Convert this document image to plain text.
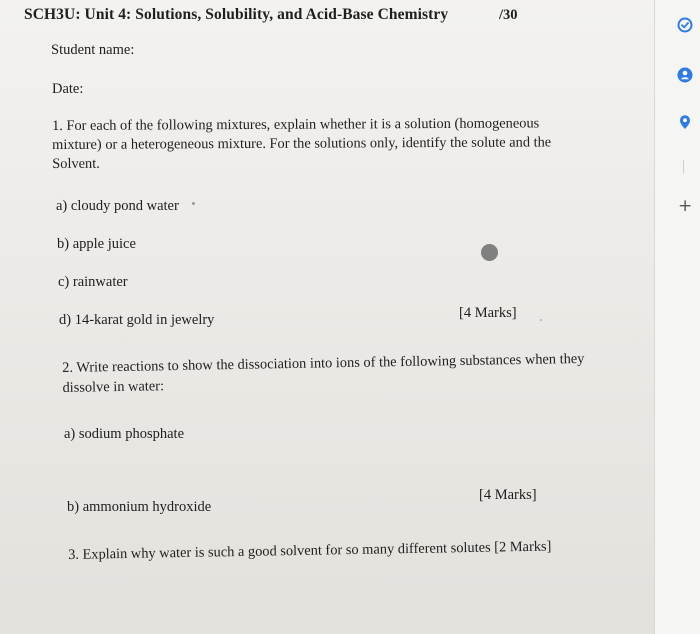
SCH3U: Unit 4: Solutions, Solubility, and Acid-Base Chemistry	/30
Student name:
Date:
1. For each of the following mixtures, explain whether it is a solution (homogeneous mixture) or a heterogeneous mixture. For the solutions only, identify the solute and the Solvent.
a) cloudy pond water
b) apple juice
c) rainwater
d) 14-karat gold in jewelry	[4 Marks]
2. Write reactions to show the dissociation into ions of the following substances when they dissolve in water:
a) sodium phosphate
b) ammonium hydroxide
[4 Marks]
3. Explain why water is such a good solvent for so many different solutes [2 Marks]
+
